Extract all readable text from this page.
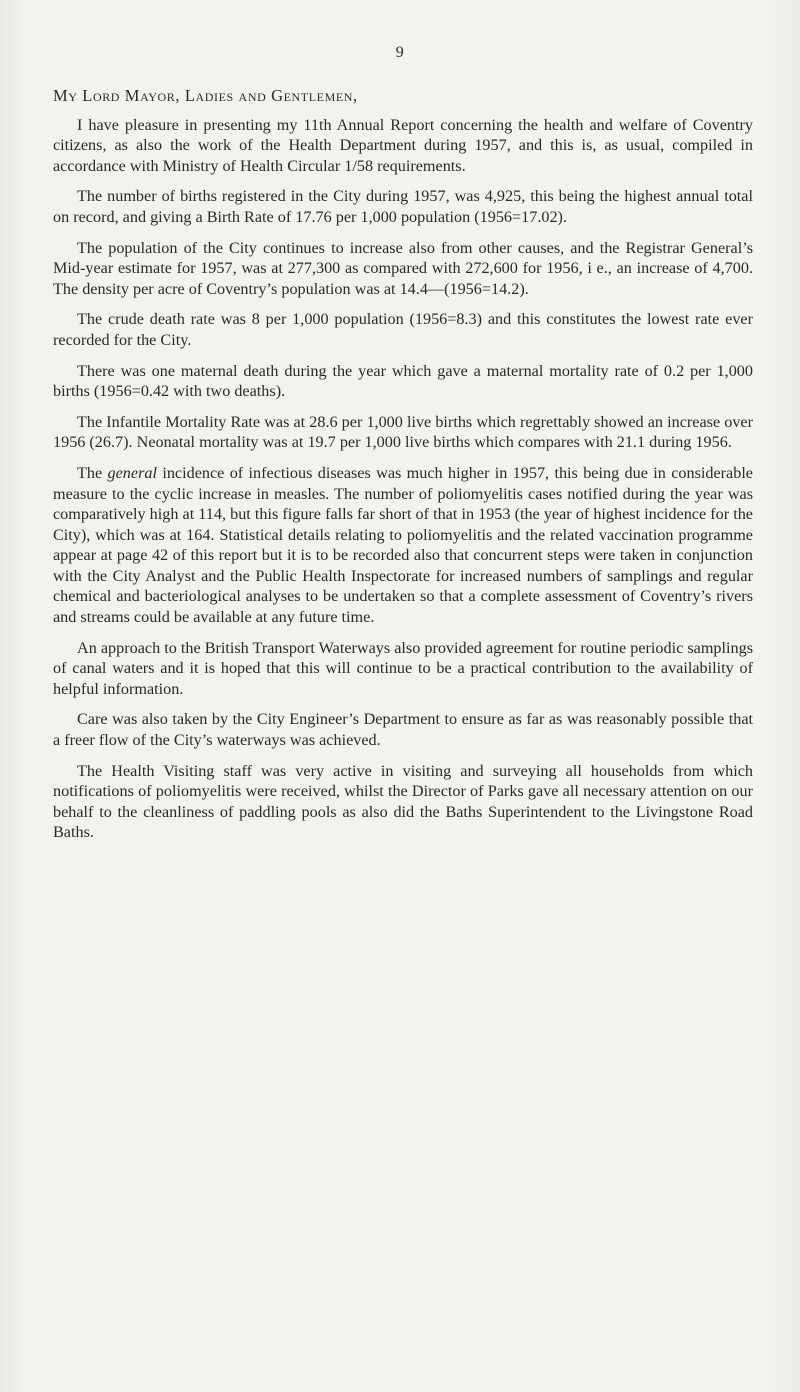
9

My Lord Mayor, Ladies and Gentlemen,

I have pleasure in presenting my 11th Annual Report concerning the health and welfare of Coventry citizens, as also the work of the Health Department during 1957, and this is, as usual, compiled in accordance with Ministry of Health Circular 1/58 requirements.

The number of births registered in the City during 1957, was 4,925, this being the highest annual total on record, and giving a Birth Rate of 17.76 per 1,000 population (1956=17.02).

The population of the City continues to increase also from other causes, and the Registrar General’s Mid-year estimate for 1957, was at 277,300 as compared with 272,600 for 1956, i e., an increase of 4,700. The density per acre of Coventry’s population was at 14.4—(1956=14.2).

The crude death rate was 8 per 1,000 population (1956=8.3) and this constitutes the lowest rate ever recorded for the City.

There was one maternal death during the year which gave a maternal mortality rate of 0.2 per 1,000 births (1956=0.42 with two deaths).

The Infantile Mortality Rate was at 28.6 per 1,000 live births which regrettably showed an increase over 1956 (26.7). Neonatal mortality was at 19.7 per 1,000 live births which compares with 21.1 during 1956.

The general incidence of infectious diseases was much higher in 1957, this being due in considerable measure to the cyclic increase in measles. The number of poliomyelitis cases notified during the year was comparatively high at 114, but this figure falls far short of that in 1953 (the year of highest incidence for the City), which was at 164. Statistical details relating to poliomyelitis and the related vaccination programme appear at page 42 of this report but it is to be recorded also that concurrent steps were taken in conjunction with the City Analyst and the Public Health Inspectorate for increased numbers of samplings and regular chemical and bacteriological analyses to be undertaken so that a complete assessment of Coventry’s rivers and streams could be available at any future time.

An approach to the British Transport Waterways also provided agreement for routine periodic samplings of canal waters and it is hoped that this will continue to be a practical contribution to the availability of helpful information.

Care was also taken by the City Engineer’s Department to ensure as far as was reasonably possible that a freer flow of the City’s waterways was achieved.

The Health Visiting staff was very active in visiting and surveying all households from which notifications of poliomyelitis were received, whilst the Director of Parks gave all necessary attention on our behalf to the cleanliness of paddling pools as also did the Baths Superintendent to the Livingstone Road Baths.
